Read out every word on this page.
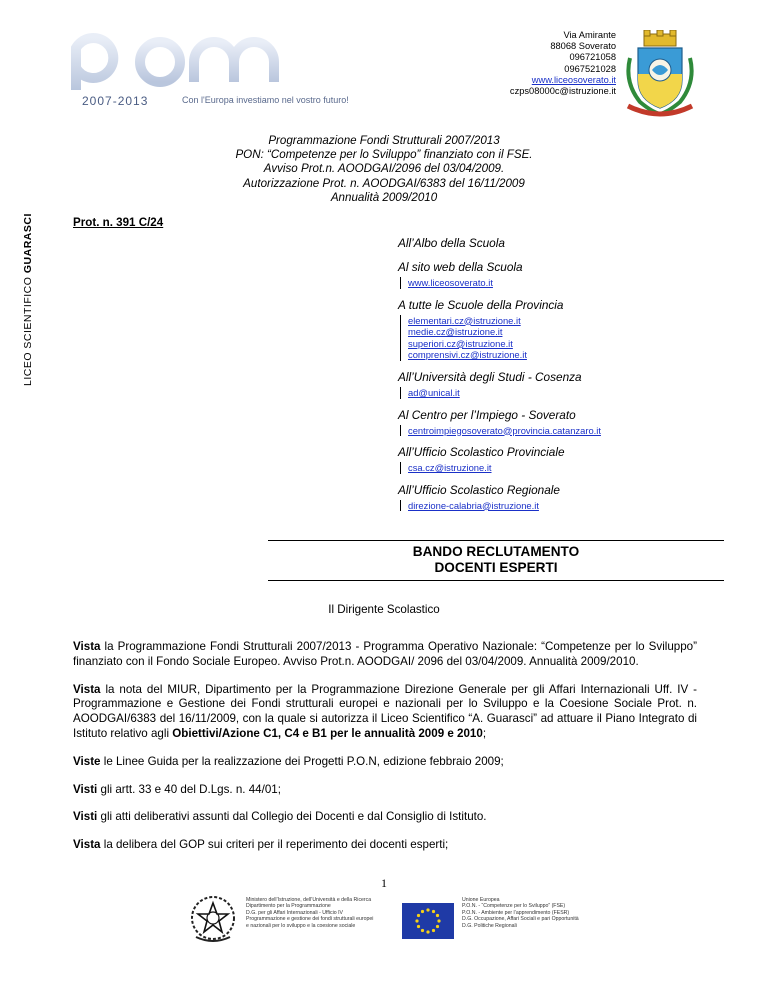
2007-2013	Con l'Europa investiamo nel vostro futuro!
Via Amirante
88068 Soverato
096721058
0967521028
www.liceosoverato.it
czps08000c@istruzione.it
Programmazione Fondi Strutturali 2007/2013
PON: “Competenze per lo Sviluppo” finanziato con il FSE.
Avviso Prot.n. AOODGAI/2096 del 03/04/2009.
Autorizzazione Prot. n. AOODGAI/6383 del 16/11/2009
Annualità 2009/2010
LICEO SCIENTIFICO GUARASCI	Prot. n. 391 C/24
All’Albo della Scuola
Al sito web della Scuola
www.liceosoverato.it
A tutte le Scuole della Provincia
elementari.cz@istruzione.it
medie.cz@istruzione.it
superiori.cz@istruzione.it
comprensivi.cz@istruzione.it
All’Università degli Studi - Cosenza
ad@unical.it
Al Centro per l’Impiego - Soverato
centroimpiegosoverato@provincia.catanzaro.it
All’Ufficio Scolastico Provinciale
csa.cz@istruzione.it
All’Ufficio Scolastico Regionale
direzione-calabria@istruzione.it
BANDO RECLUTAMENTO
DOCENTI ESPERTI
Il Dirigente Scolastico

Vista la Programmazione Fondi Strutturali 2007/2013 - Programma Operativo Nazionale: “Competenze per lo Sviluppo” finanziato con il Fondo Sociale Europeo. Avviso Prot.n. AOODGAI/ 2096 del 03/04/2009. Annualità 2009/2010.

Vista la nota del MIUR, Dipartimento per la Programmazione Direzione Generale per gli Affari Internazionali Uff. IV - Programmazione e Gestione dei Fondi strutturali europei e nazionali per lo Sviluppo e la Coesione Sociale Prot. n. AOODGAI/6383 del 16/11/2009, con la quale si autorizza il Liceo Scientifico “A. Guarasci” ad attuare il Piano Integrato di Istituto relativo agli Obiettivi/Azione C1, C4 e B1 per le annualità 2009 e 2010;

Viste le Linee Guida per la realizzazione dei Progetti P.O.N, edizione febbraio 2009;

Visti gli artt. 33 e 40 del D.Lgs. n. 44/01;

Visti gli atti deliberativi assunti dal Collegio dei Docenti e dal Consiglio di Istituto.

Vista la delibera del GOP sui criteri per il reperimento dei docenti esperti;

1
Ministero dell’Istruzione, dell’Università e della Ricerca
Dipartimento per la Programmazione
D.G. per gli Affari Internazionali - Ufficio IV
Programmazione e gestione dei fondi strutturali europei
e nazionali per lo sviluppo e la coesione sociale
Unione Europea
P.O.N. - “Competenze per lo Sviluppo” (FSE)
P.O.N. - Ambiente per l’apprendimento (FESR)
D.G. Occupazione, Affari Sociali e pari Opportunità
D.G. Politiche Regionali
